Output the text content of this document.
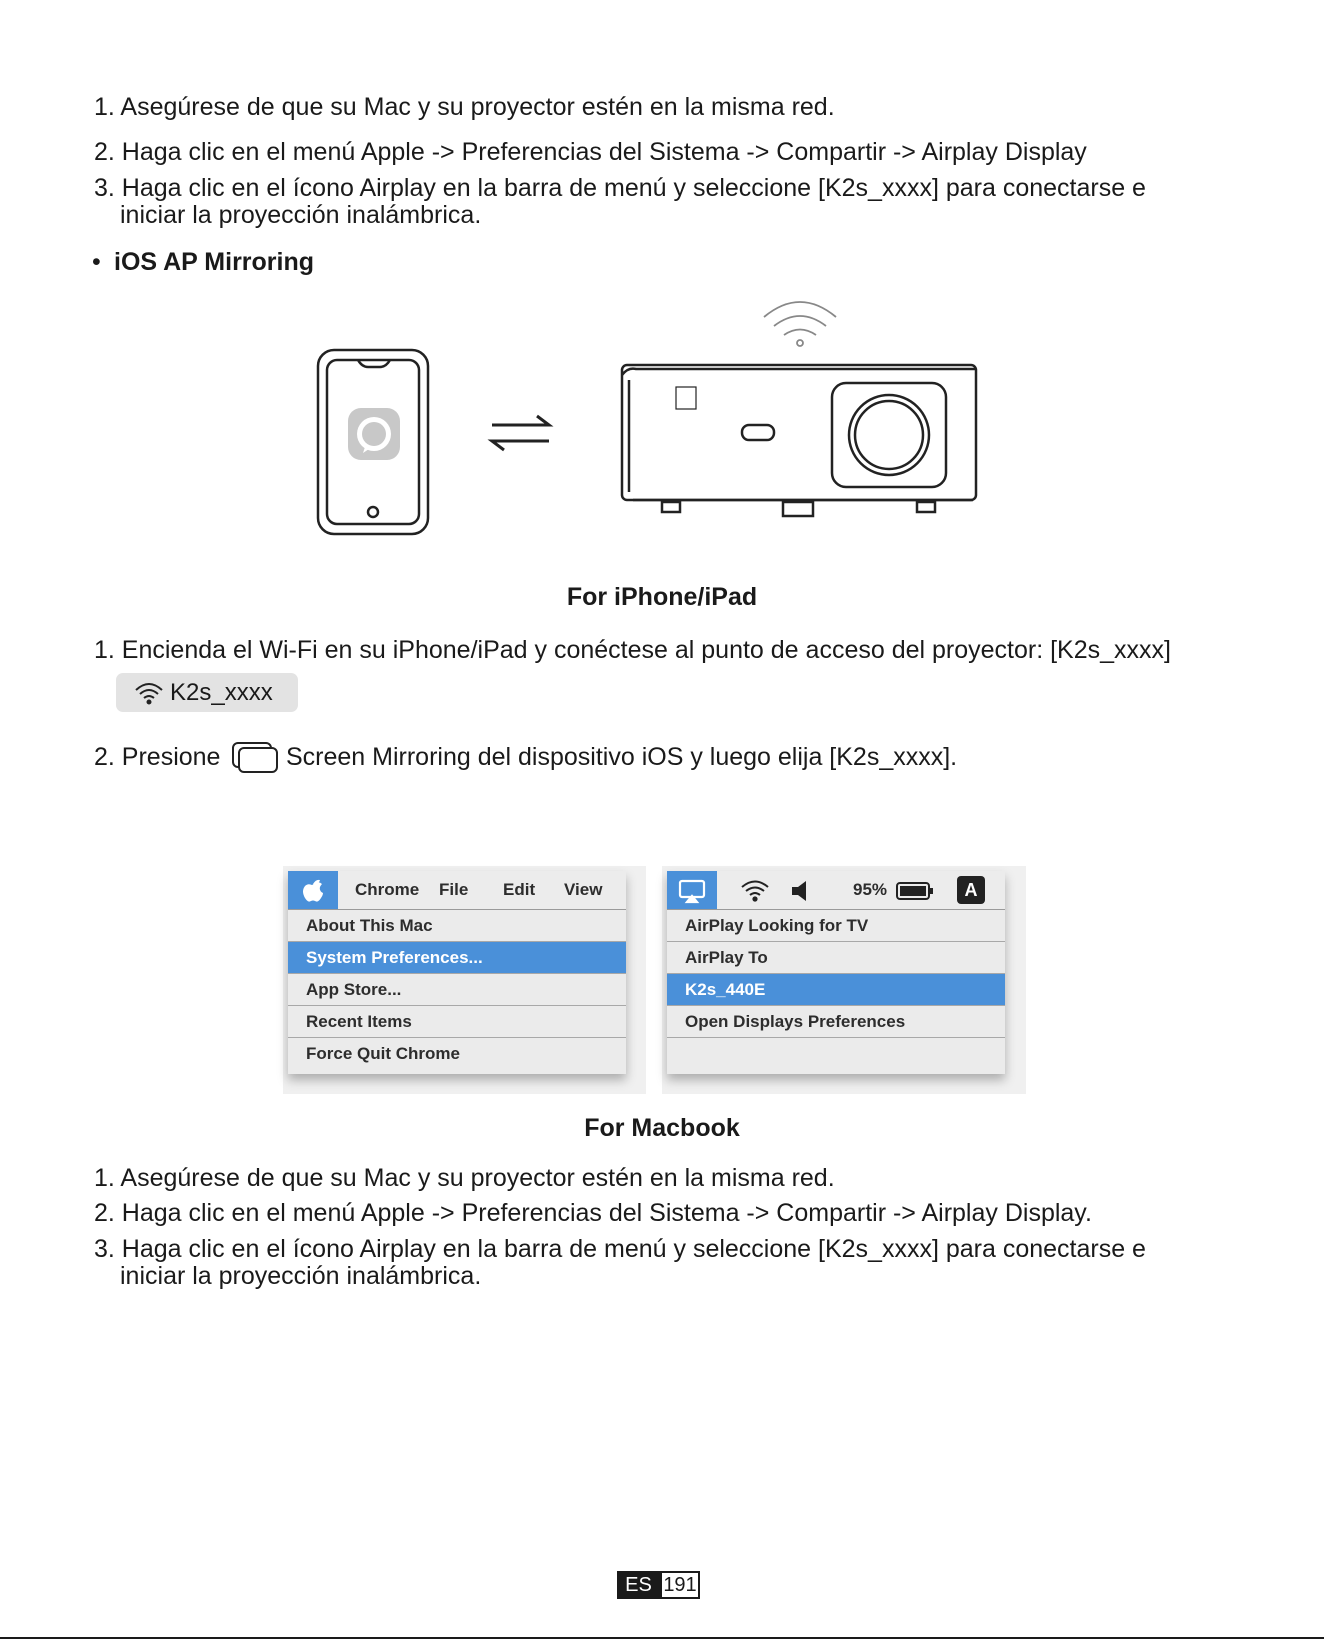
1. Asegúrese de que su Mac y su proyector estén en la misma red.
2. Haga clic en el menú Apple -> Preferencias del Sistema -> Compartir -> Airplay Display
3. Haga clic en el ícono Airplay en la barra de menú y seleccione [K2s_xxxx] para conectarse e
iniciar la proyección inalámbrica.
• iOS AP Mirroring
For iPhone/iPad
1. Encienda el Wi-Fi en su iPhone/iPad y conéctese al punto de acceso del proyector: [K2s_xxxx]
K2s_xxxx
2. Presione	Screen Mirroring del dispositivo iOS y luego elija [K2s_xxxx].
Chrome File Edit View
About This Mac
System Preferences...
App Store...
Recent Items
Force Quit Chrome
95%	A
AirPlay Looking for TV
AirPlay To
K2s_440E
Open Displays Preferences
For Macbook
1. Asegúrese de que su Mac y su proyector estén en la misma red.
2. Haga clic en el menú Apple -> Preferencias del Sistema -> Compartir -> Airplay Display.
3. Haga clic en el ícono Airplay en la barra de menú y seleccione [K2s_xxxx] para conectarse e
iniciar la proyección inalámbrica.
ES 191
